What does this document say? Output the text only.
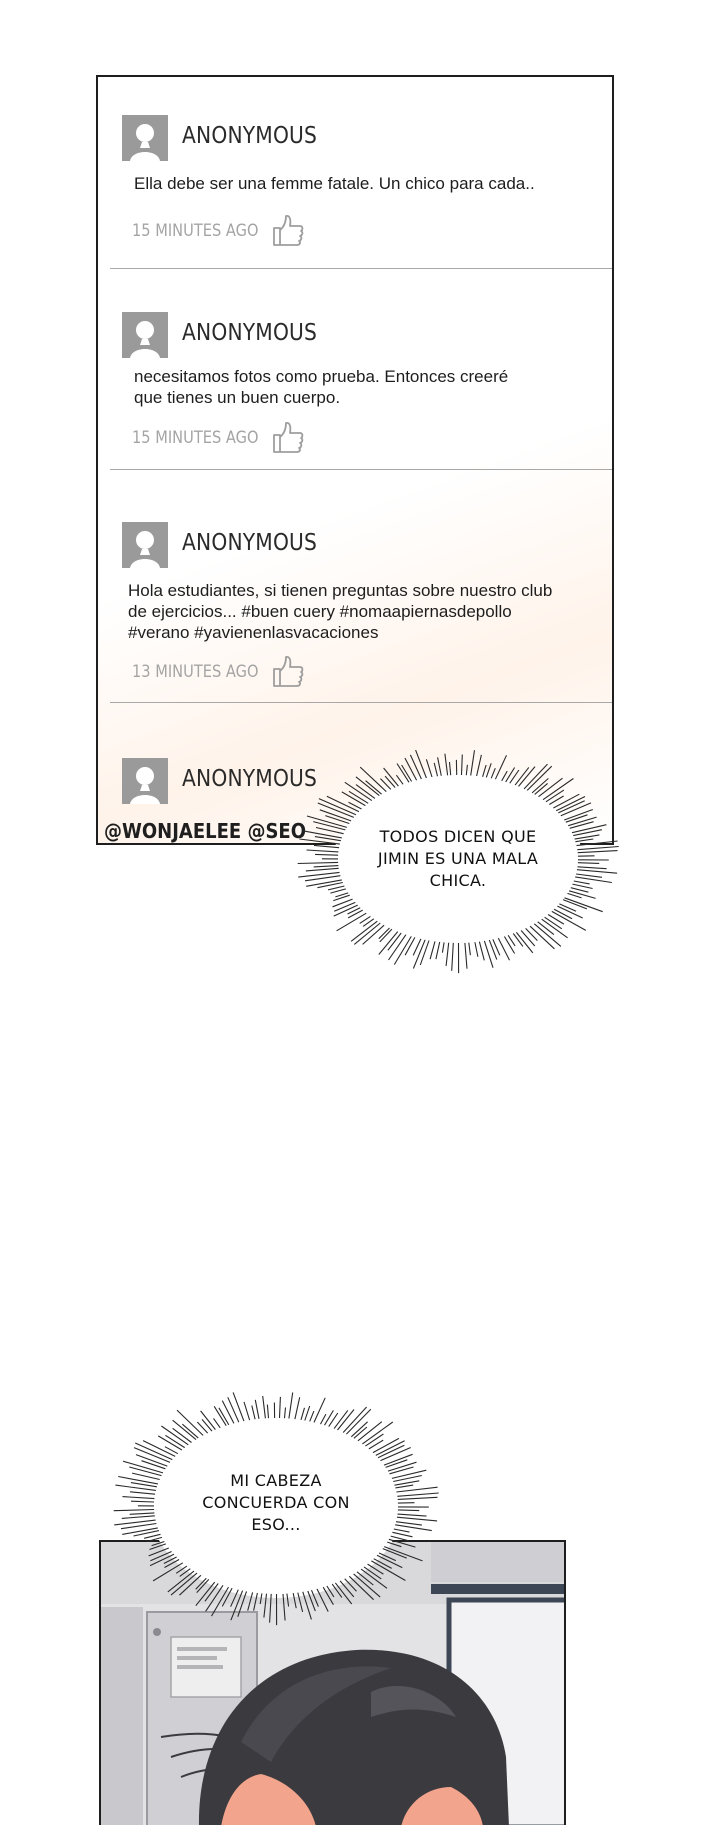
ANONYMOUS
Ella debe ser una femme fatale. Un chico para cada..
15 MINUTES AGO
ANONYMOUS
necesitamos fotos como prueba. Entonces creeré
que tienes un buen cuerpo.
15 MINUTES AGO
ANONYMOUS
Hola estudiantes, si tienen preguntas sobre nuestro club
de ejercicios... #buen cuery #nomaapiernasdepollo
#verano #yavienenlasvacaciones
13 MINUTES AGO
ANONYMOUS
@WONJAELEE @SEO	TODOS DICEN QUE
JIMIN ES UNA MALA
CHICA.
MI CABEZA
CONCUERDA CON
ESO...
